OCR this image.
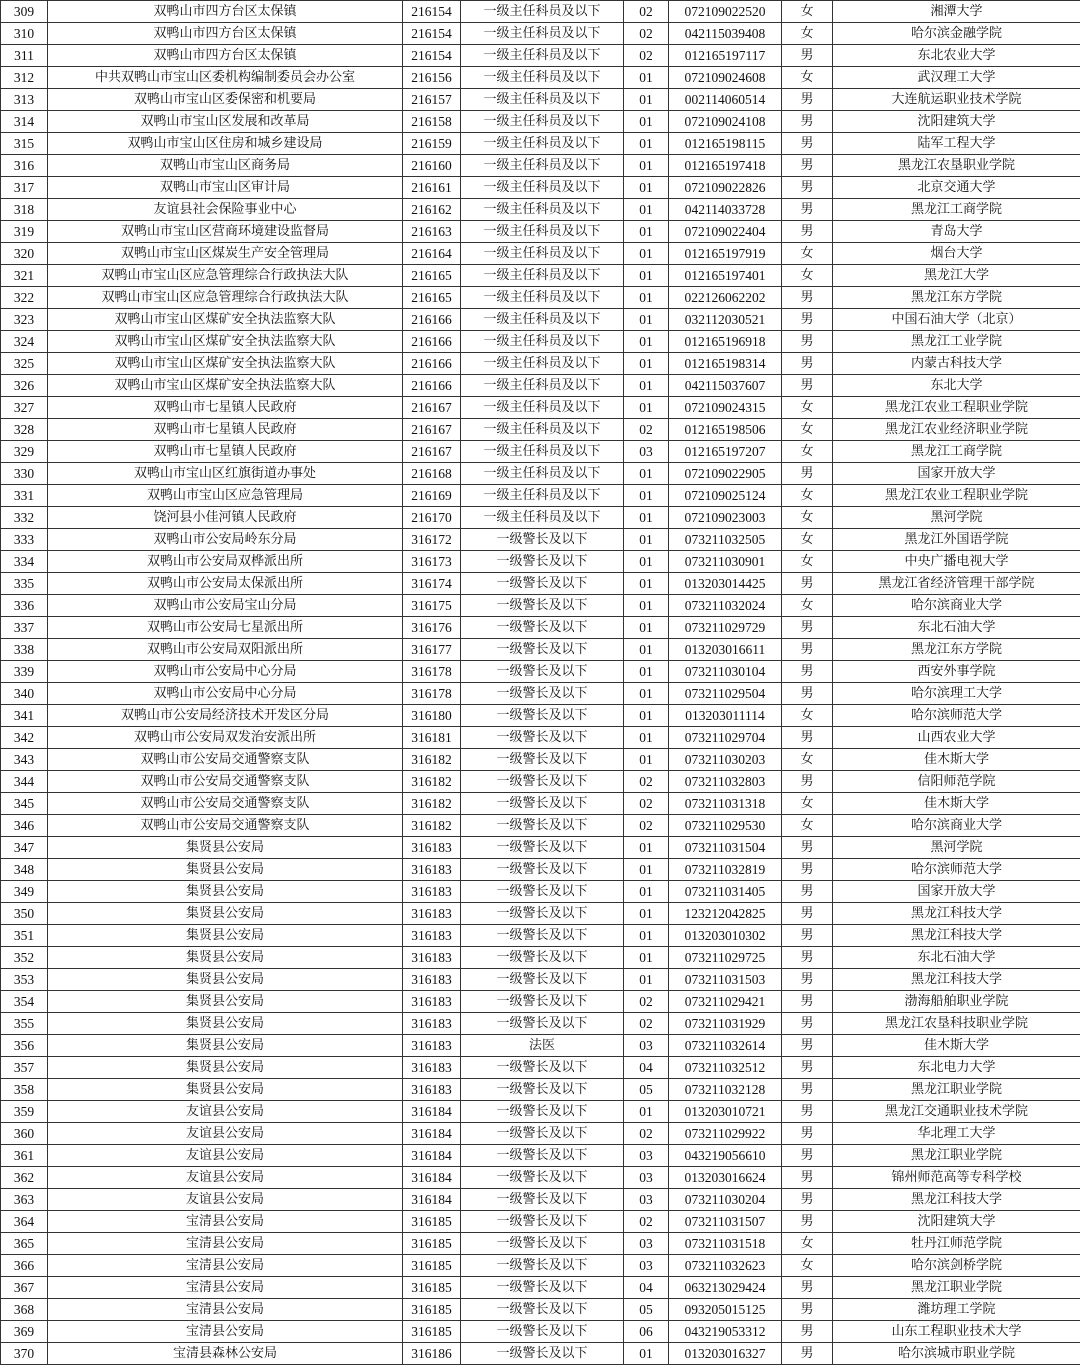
309	双鸭山市四方台区太保镇	216154	一级主任科员及以下	02	072109022520	女	湘潭大学
310	双鸭山市四方台区太保镇	216154	一级主任科员及以下	02	042115039408	女	哈尔滨金融学院
311	双鸭山市四方台区太保镇	216154	一级主任科员及以下	02	012165197117	男	东北农业大学
312	中共双鸭山市宝山区委机构编制委员会办公室	216156	一级主任科员及以下	01	072109024608	女	武汉理工大学
313	双鸭山市宝山区委保密和机要局	216157	一级主任科员及以下	01	002114060514	男	大连航运职业技术学院
314	双鸭山市宝山区发展和改革局	216158	一级主任科员及以下	01	072109024108	男	沈阳建筑大学
315	双鸭山市宝山区住房和城乡建设局	216159	一级主任科员及以下	01	012165198115	男	陆军工程大学
316	双鸭山市宝山区商务局	216160	一级主任科员及以下	01	012165197418	男	黑龙江农垦职业学院
317	双鸭山市宝山区审计局	216161	一级主任科员及以下	01	072109022826	男	北京交通大学
318	友谊县社会保险事业中心	216162	一级主任科员及以下	01	042114033728	男	黑龙江工商学院
319	双鸭山市宝山区营商环境建设监督局	216163	一级主任科员及以下	01	072109022404	男	青岛大学
320	双鸭山市宝山区煤炭生产安全管理局	216164	一级主任科员及以下	01	012165197919	女	烟台大学
321	双鸭山市宝山区应急管理综合行政执法大队	216165	一级主任科员及以下	01	012165197401	女	黑龙江大学
322	双鸭山市宝山区应急管理综合行政执法大队	216165	一级主任科员及以下	01	022126062202	男	黑龙江东方学院
323	双鸭山市宝山区煤矿安全执法监察大队	216166	一级主任科员及以下	01	032112030521	男	中国石油大学（北京）
324	双鸭山市宝山区煤矿安全执法监察大队	216166	一级主任科员及以下	01	012165196918	男	黑龙江工业学院
325	双鸭山市宝山区煤矿安全执法监察大队	216166	一级主任科员及以下	01	012165198314	男	内蒙古科技大学
326	双鸭山市宝山区煤矿安全执法监察大队	216166	一级主任科员及以下	01	042115037607	男	东北大学
327	双鸭山市七星镇人民政府	216167	一级主任科员及以下	01	072109024315	女	黑龙江农业工程职业学院
328	双鸭山市七星镇人民政府	216167	一级主任科员及以下	02	012165198506	女	黑龙江农业经济职业学院
329	双鸭山市七星镇人民政府	216167	一级主任科员及以下	03	012165197207	女	黑龙江工商学院
330	双鸭山市宝山区红旗街道办事处	216168	一级主任科员及以下	01	072109022905	男	国家开放大学
331	双鸭山市宝山区应急管理局	216169	一级主任科员及以下	01	072109025124	女	黑龙江农业工程职业学院
332	饶河县小佳河镇人民政府	216170	一级主任科员及以下	01	072109023003	女	黑河学院
333	双鸭山市公安局岭东分局	316172	一级警长及以下	01	073211032505	女	黑龙江外国语学院
334	双鸭山市公安局双桦派出所	316173	一级警长及以下	01	073211030901	女	中央广播电视大学
335	双鸭山市公安局太保派出所	316174	一级警长及以下	01	013203014425	男	黑龙江省经济管理干部学院
336	双鸭山市公安局宝山分局	316175	一级警长及以下	01	073211032024	女	哈尔滨商业大学
337	双鸭山市公安局七星派出所	316176	一级警长及以下	01	073211029729	男	东北石油大学
338	双鸭山市公安局双阳派出所	316177	一级警长及以下	01	013203016611	男	黑龙江东方学院
339	双鸭山市公安局中心分局	316178	一级警长及以下	01	073211030104	男	西安外事学院
340	双鸭山市公安局中心分局	316178	一级警长及以下	01	073211029504	男	哈尔滨理工大学
341	双鸭山市公安局经济技术开发区分局	316180	一级警长及以下	01	013203011114	女	哈尔滨师范大学
342	双鸭山市公安局双发治安派出所	316181	一级警长及以下	01	073211029704	男	山西农业大学
343	双鸭山市公安局交通警察支队	316182	一级警长及以下	01	073211030203	女	佳木斯大学
344	双鸭山市公安局交通警察支队	316182	一级警长及以下	02	073211032803	男	信阳师范学院
345	双鸭山市公安局交通警察支队	316182	一级警长及以下	02	073211031318	女	佳木斯大学
346	双鸭山市公安局交通警察支队	316182	一级警长及以下	02	073211029530	女	哈尔滨商业大学
347	集贤县公安局	316183	一级警长及以下	01	073211031504	男	黑河学院
348	集贤县公安局	316183	一级警长及以下	01	073211032819	男	哈尔滨师范大学
349	集贤县公安局	316183	一级警长及以下	01	073211031405	男	国家开放大学
350	集贤县公安局	316183	一级警长及以下	01	123212042825	男	黑龙江科技大学
351	集贤县公安局	316183	一级警长及以下	01	013203010302	男	黑龙江科技大学
352	集贤县公安局	316183	一级警长及以下	01	073211029725	男	东北石油大学
353	集贤县公安局	316183	一级警长及以下	01	073211031503	男	黑龙江科技大学
354	集贤县公安局	316183	一级警长及以下	02	073211029421	男	渤海船舶职业学院
355	集贤县公安局	316183	一级警长及以下	02	073211031929	男	黑龙江农垦科技职业学院
356	集贤县公安局	316183	法医	03	073211032614	男	佳木斯大学
357	集贤县公安局	316183	一级警长及以下	04	073211032512	男	东北电力大学
358	集贤县公安局	316183	一级警长及以下	05	073211032128	男	黑龙江职业学院
359	友谊县公安局	316184	一级警长及以下	01	013203010721	男	黑龙江交通职业技术学院
360	友谊县公安局	316184	一级警长及以下	02	073211029922	男	华北理工大学
361	友谊县公安局	316184	一级警长及以下	03	043219056610	男	黑龙江职业学院
362	友谊县公安局	316184	一级警长及以下	03	013203016624	男	锦州师范高等专科学校
363	友谊县公安局	316184	一级警长及以下	03	073211030204	男	黑龙江科技大学
364	宝清县公安局	316185	一级警长及以下	02	073211031507	男	沈阳建筑大学
365	宝清县公安局	316185	一级警长及以下	03	073211031518	女	牡丹江师范学院
366	宝清县公安局	316185	一级警长及以下	03	073211032623	女	哈尔滨剑桥学院
367	宝清县公安局	316185	一级警长及以下	04	063213029424	男	黑龙江职业学院
368	宝清县公安局	316185	一级警长及以下	05	093205015125	男	潍坊理工学院
369	宝清县公安局	316185	一级警长及以下	06	043219053312	男	山东工程职业技术大学
370	宝清县森林公安局	316186	一级警长及以下	01	013203016327	男	哈尔滨城市职业学院
